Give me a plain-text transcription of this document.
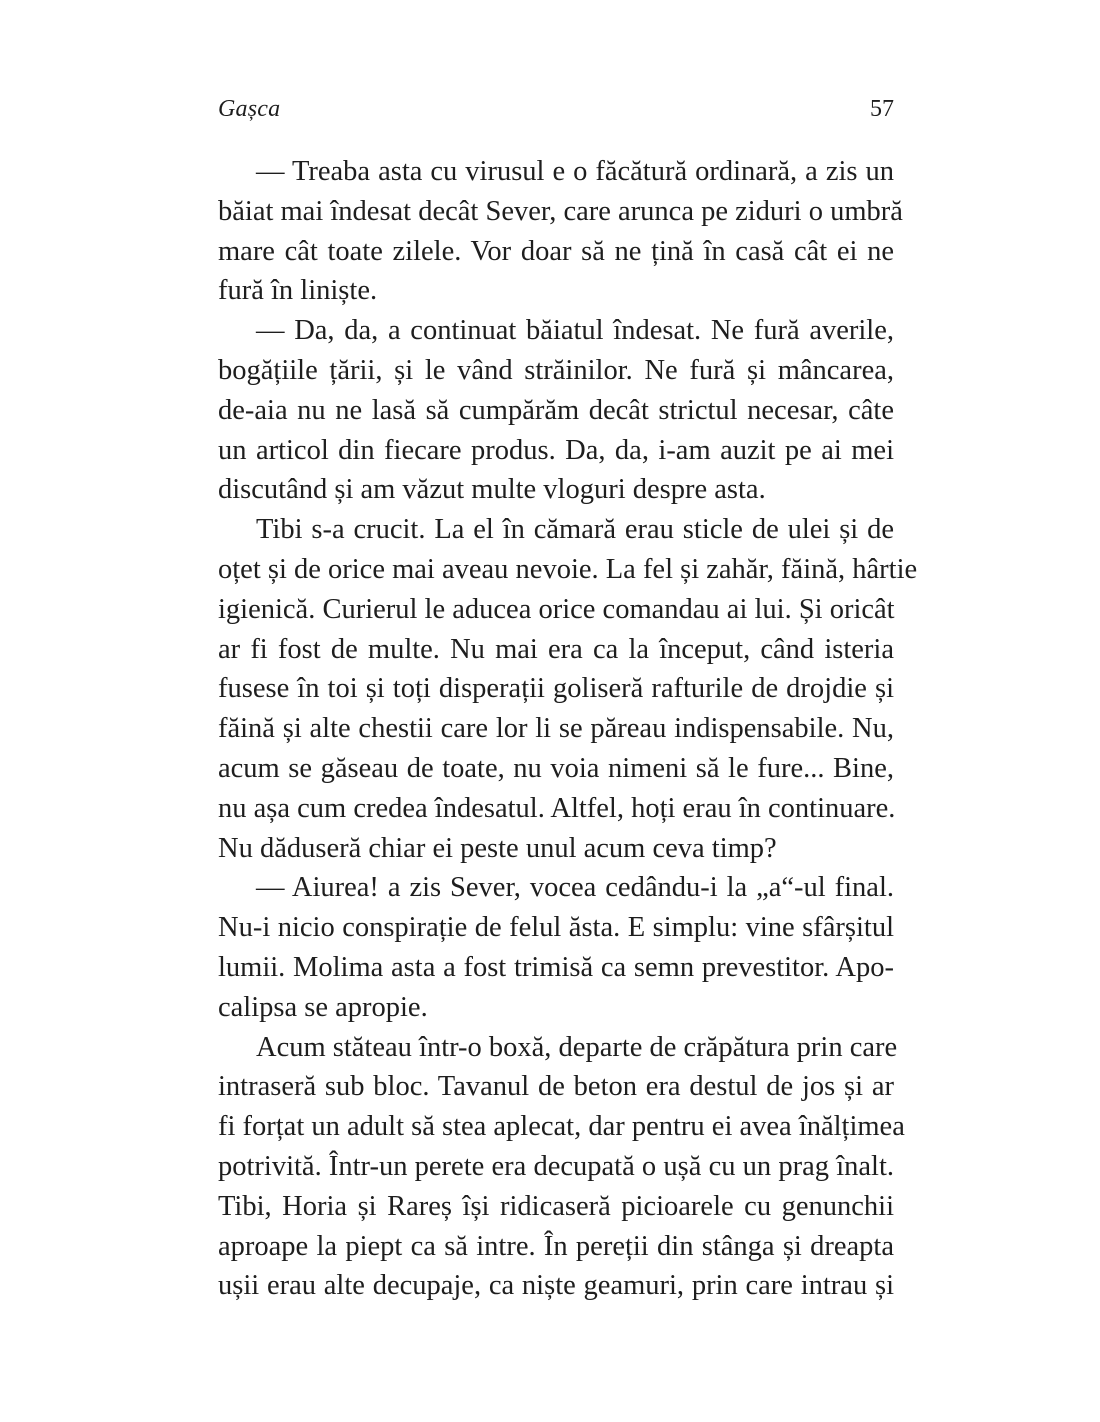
Gașca	57
— Treaba asta cu virusul e o făcătură ordinară, a zis un
băiat mai îndesat decât Sever, care arunca pe ziduri o umbră
mare cât toate zilele. Vor doar să ne țină în casă cât ei ne
fură în liniște.
— Da, da, a continuat băiatul îndesat. Ne fură averile,
bogățiile țării, și le vând străinilor. Ne fură și mâncarea,
de-aia nu ne lasă să cumpărăm decât strictul necesar, câte
un articol din fiecare produs. Da, da, i-am auzit pe ai mei
discutând și am văzut multe vloguri despre asta.
Tibi s-a crucit. La el în cămară erau sticle de ulei și de
oțet și de orice mai aveau nevoie. La fel și zahăr, făină, hârtie
igienică. Curierul le aducea orice comandau ai lui. Și oricât
ar fi fost de multe. Nu mai era ca la început, când isteria
fusese în toi și toți disperații goliseră rafturile de drojdie și
făină și alte chestii care lor li se păreau indispensabile. Nu,
acum se găseau de toate, nu voia nimeni să le fure... Bine,
nu așa cum credea îndesatul. Altfel, hoți erau în continuare.
Nu dăduseră chiar ei peste unul acum ceva timp?
— Aiurea! a zis Sever, vocea cedându-i la „a“-ul final.
Nu-i nicio conspirație de felul ăsta. E simplu: vine sfârșitul
lumii. Molima asta a fost trimisă ca semn prevestitor. Apo-
calipsa se apropie.
Acum stăteau într-o boxă, departe de crăpătura prin care
intraseră sub bloc. Tavanul de beton era destul de jos și ar
fi forțat un adult să stea aplecat, dar pentru ei avea înălțimea
potrivită. Într-un perete era decupată o ușă cu un prag înalt.
Tibi, Horia și Rareș își ridicaseră picioarele cu genunchii
aproape la piept ca să intre. În pereții din stânga și dreapta
ușii erau alte decupaje, ca niște geamuri, prin care intrau și
